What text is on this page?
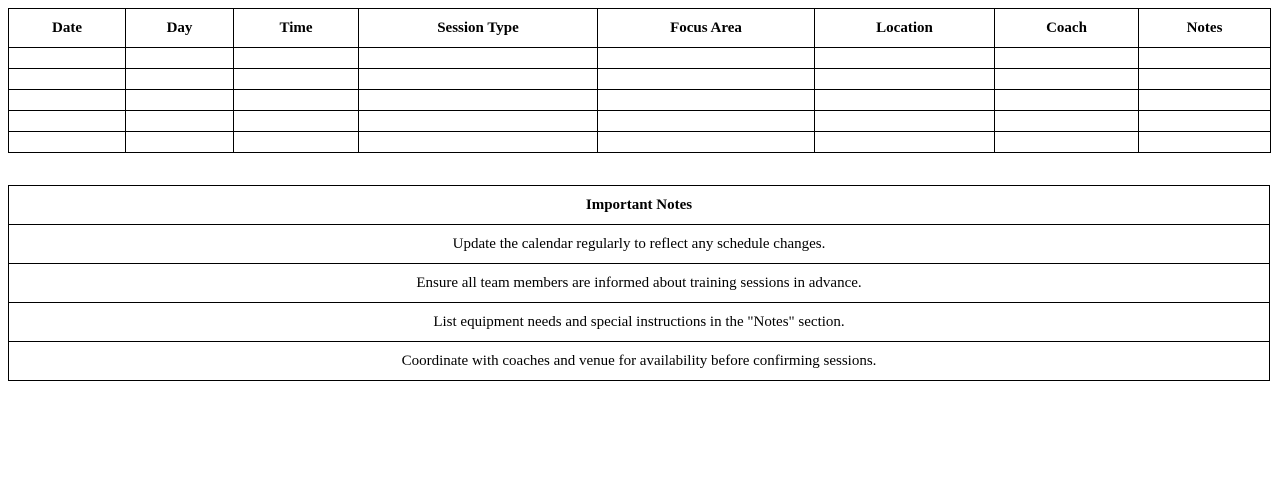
Date	Day	Time	Session Type	Focus Area	Location	Coach	Notes

Important Notes
Update the calendar regularly to reflect any schedule changes.
Ensure all team members are informed about training sessions in advance.
List equipment needs and special instructions in the "Notes" section.
Coordinate with coaches and venue for availability before confirming sessions.
